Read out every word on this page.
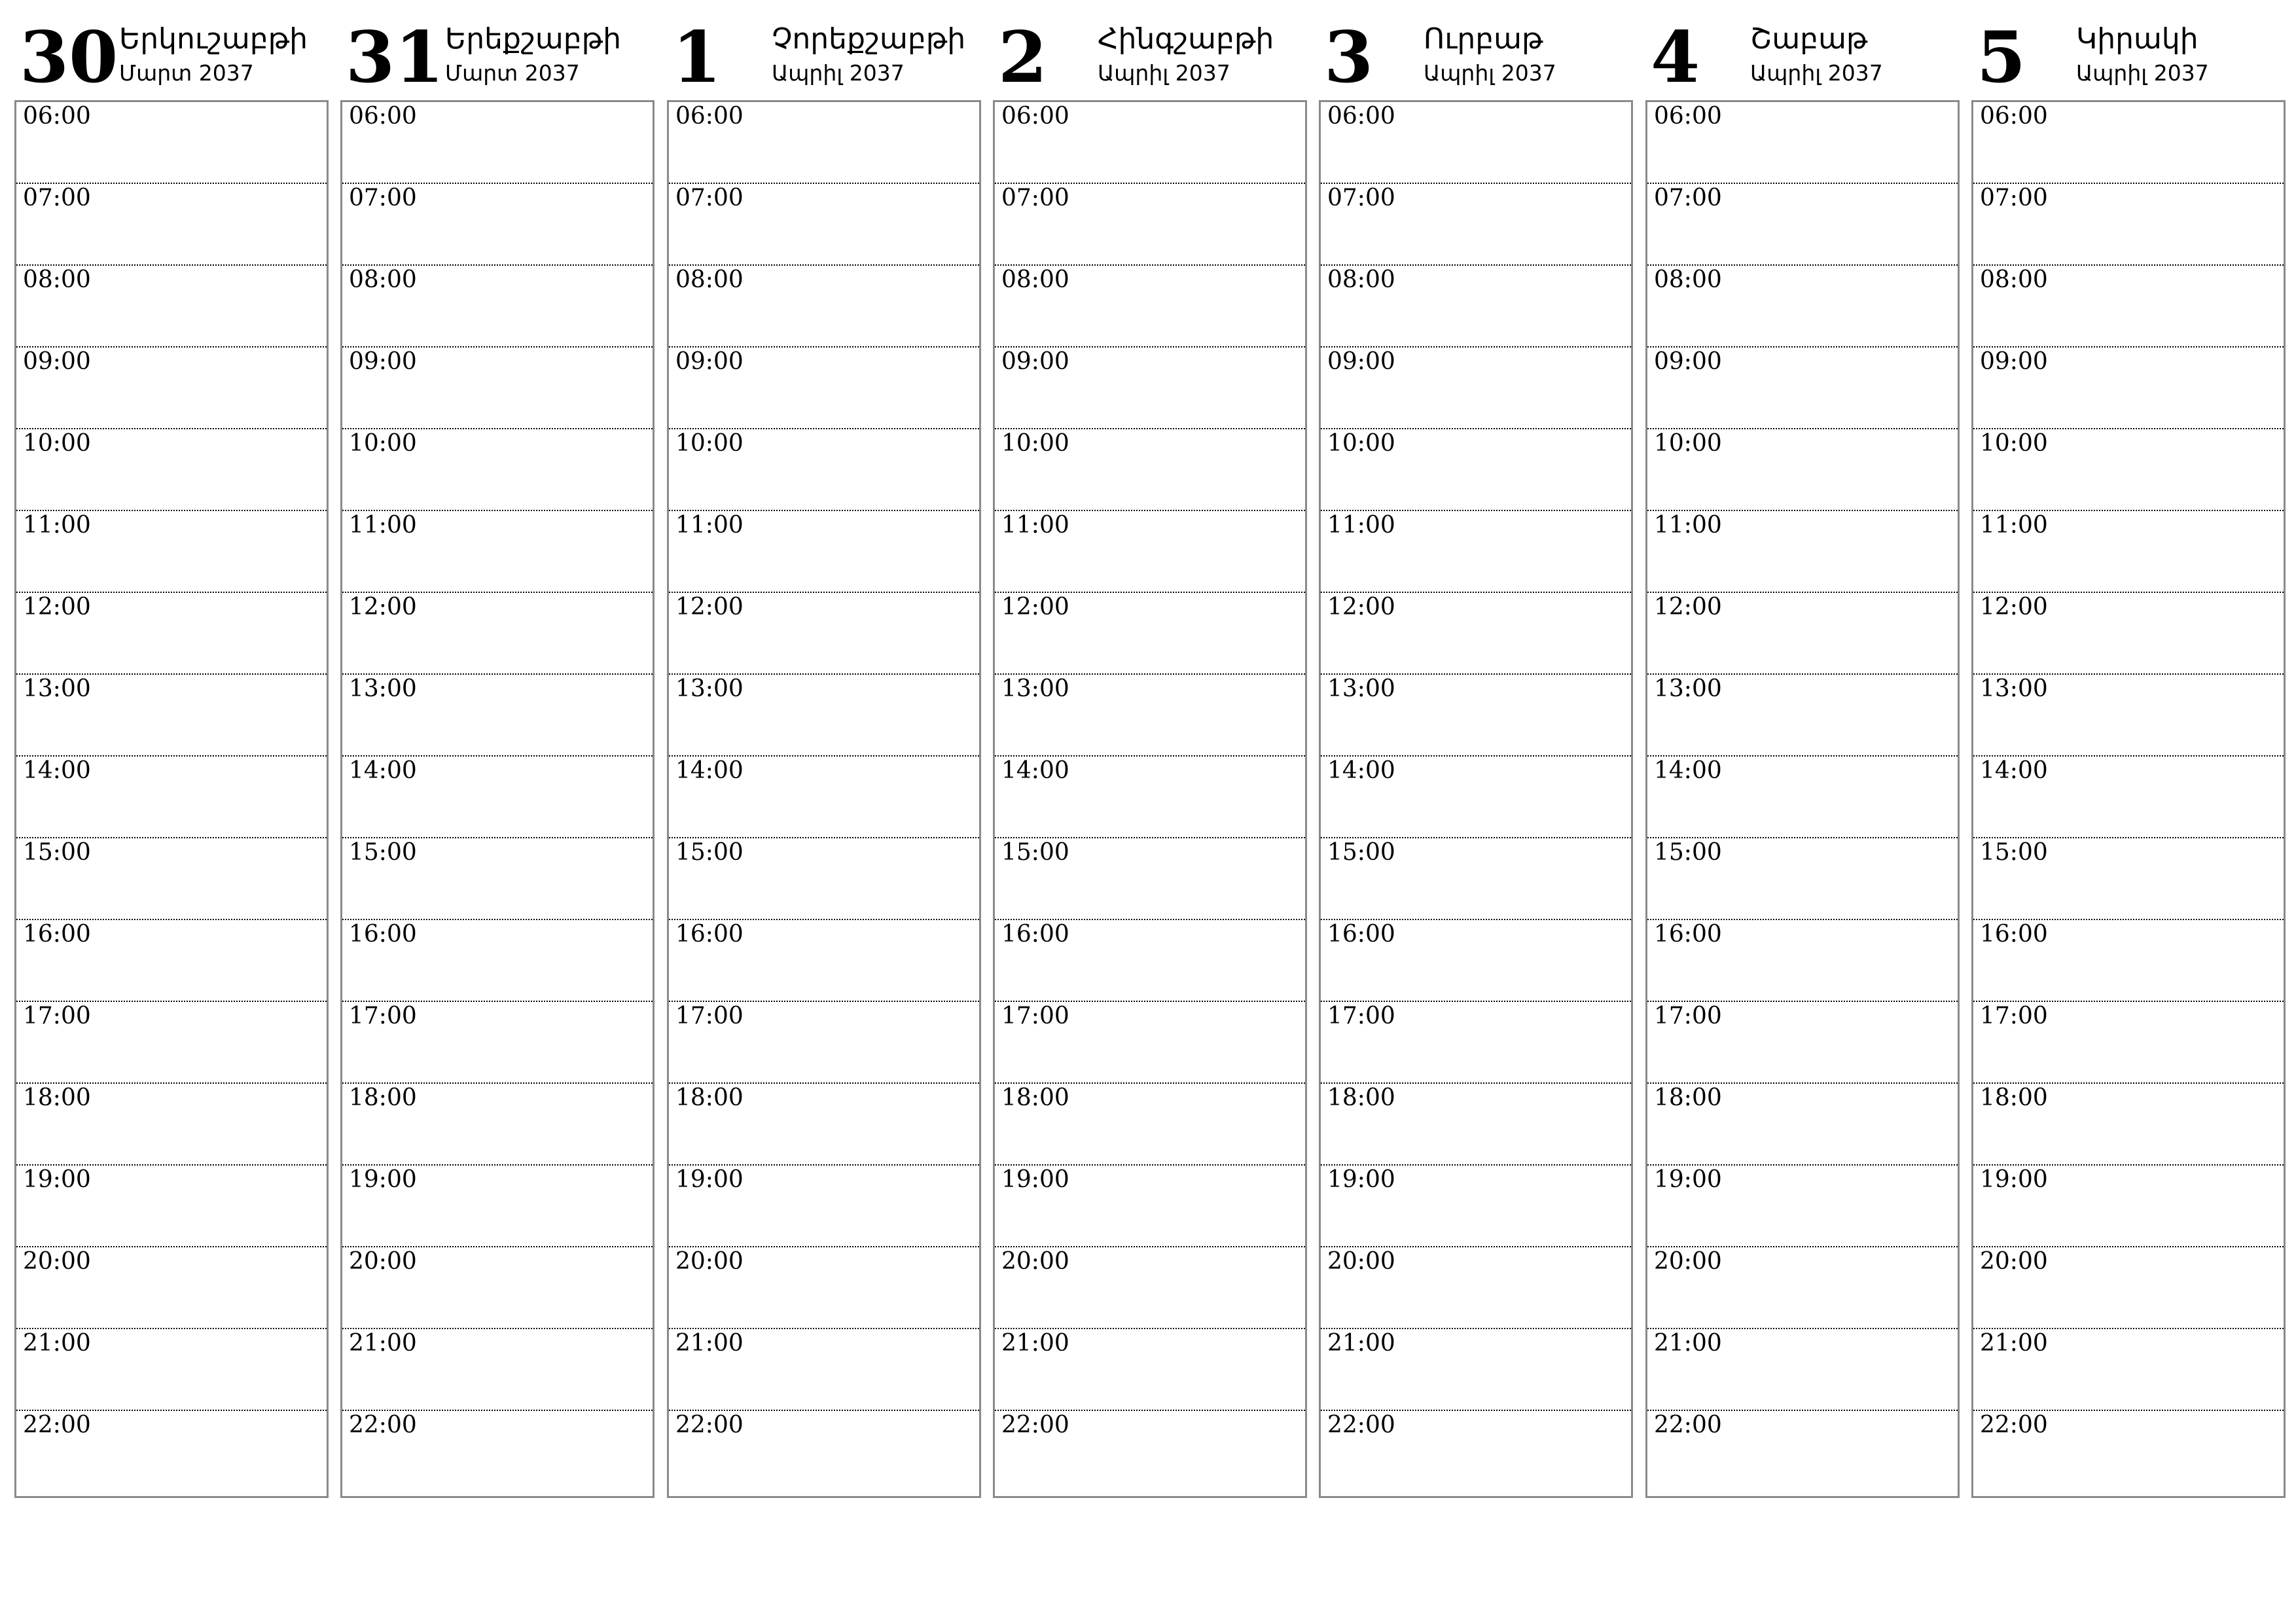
30 Երկուշաբթի
Մարտ 2037
06:00
07:00
08:00
09:00
10:00
11:00
12:00
13:00
14:00
15:00
16:00
17:00
18:00
19:00
20:00
21:00
22:00
31 Երեքշաբթի
Մարտ 2037
06:00
07:00
08:00
09:00
10:00
11:00
12:00
13:00
14:00
15:00
16:00
17:00
18:00
19:00
20:00
21:00
22:00
1 Չորեքշաբթի
Ապրիլ 2037
06:00
07:00
08:00
09:00
10:00
11:00
12:00
13:00
14:00
15:00
16:00
17:00
18:00
19:00
20:00
21:00
22:00
2 Հինգշաբթի
Ապրիլ 2037
06:00
07:00
08:00
09:00
10:00
11:00
12:00
13:00
14:00
15:00
16:00
17:00
18:00
19:00
20:00
21:00
22:00
3 Ուրբաթ
Ապրիլ 2037
06:00
07:00
08:00
09:00
10:00
11:00
12:00
13:00
14:00
15:00
16:00
17:00
18:00
19:00
20:00
21:00
22:00
4 Շաբաթ
Ապրիլ 2037
06:00
07:00
08:00
09:00
10:00
11:00
12:00
13:00
14:00
15:00
16:00
17:00
18:00
19:00
20:00
21:00
22:00
5 Կիրակի
Ապրիլ 2037
06:00
07:00
08:00
09:00
10:00
11:00
12:00
13:00
14:00
15:00
16:00
17:00
18:00
19:00
20:00
21:00
22:00
